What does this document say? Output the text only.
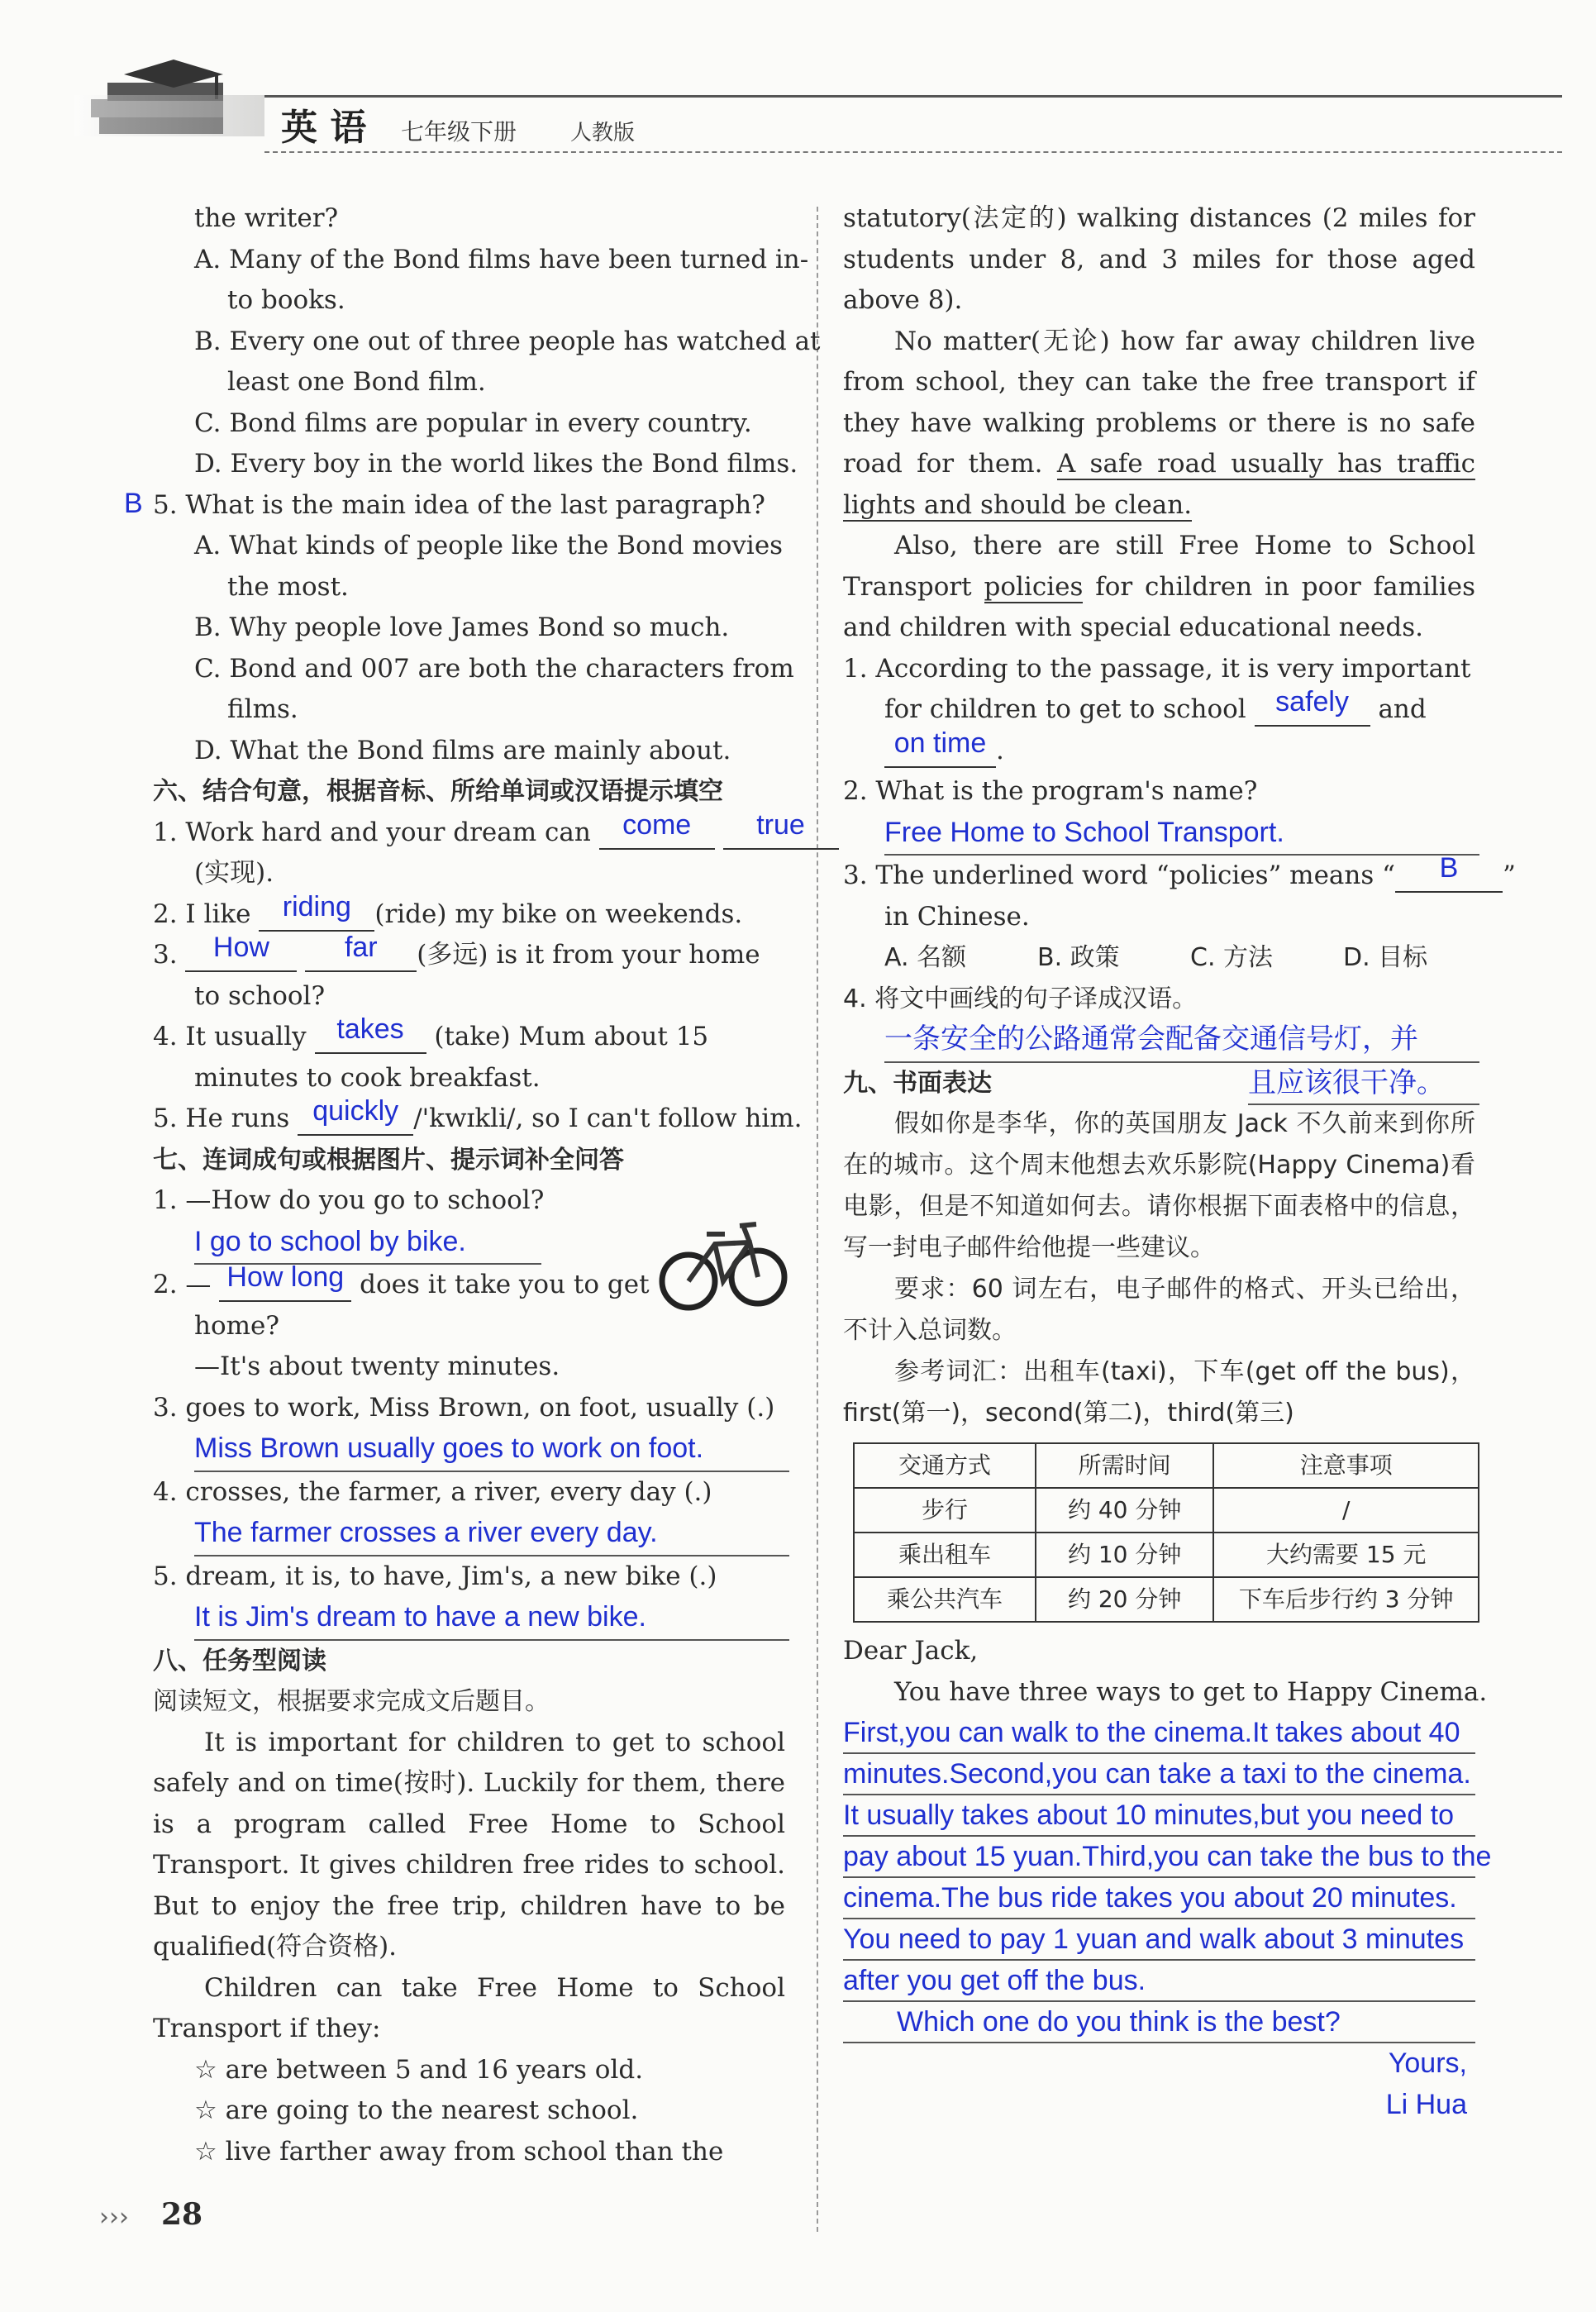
英 语 七年级下册 人教版

the writer?

A. Many of the Bond films have been turned in-

to books.

B. Every one out of three people has watched at

least one Bond film.

C. Bond films are popular in every country.

D. Every boy in the world likes the Bond films.

B 5. What is the main idea of the last paragraph?

A. What kinds of people like the Bond movies

the most.

B. Why people love James Bond so much.

C. Bond and 007 are both the characters from

films.

D. What the Bond films are mainly about.

六、结合句意，根据音标、所给单词或汉语提示填空

1. Work hard and your dream can come true

(实现).

2. I like riding (ride) my bike on weekends.

3. How	far (多远) is it from your home

to school?

4. It usually takes (take) Mum about 15

minutes to cook breakfast.

5. He runs quickly /'kwɪkli/, so I can't follow him.

七、连词成句或根据图片、提示词补全问答

1. —How do you go to school?

I go to school by bike.

2. — How long does it take you to get

home?

—It's about twenty minutes.

3. goes to work, Miss Brown, on foot, usually (.)

Miss Brown usually goes to work on foot.

4. crosses, the farmer, a river, every day (.)

The farmer crosses a river every day.

5. dream, it is, to have, Jim's, a new bike (.)

It is Jim's dream to have a new bike.

八、任务型阅读

阅读短文，根据要求完成文后题目。

It is important for children to get to school safely and on time(按时). Luckily for them, there is a program called Free Home to School Transport. It gives children free rides to school. But to enjoy the free trip, children have to be qualified(符合资格).

Children can take Free Home to School Transport if they:

☆ are between 5 and 16 years old.

☆ are going to the nearest school.

☆ live farther away from school than the

statutory(法定的) walking distances (2 miles for students under 8, and 3 miles for those aged above 8).

No matter(无论) how far away children live from school, they can take the free transport if they have walking problems or there is no safe road for them. A safe road usually has traffic lights and should be clean.

Also, there are still Free Home to School Transport policies for children in poor families and children with special educational needs.

1. According to the passage, it is very important

for children to get to school safely and

on time .

2. What is the program's name?

Free Home to School Transport.

3. The underlined word “policies” means “ B ”

in Chinese.

A. 名额	B. 政策	C. 方法	D. 目标

4. 将文中画线的句子译成汉语。

一条安全的公路通常会配备交通信号灯，并

九、书面表达	且应该很干净。

假如你是李华，你的英国朋友 Jack 不久前来到你所在的城市。这个周末他想去欢乐影院(Happy Cinema)看电影，但是不知道如何去。请你根据下面表格中的信息，写一封电子邮件给他提一些建议。

要求：60 词左右，电子邮件的格式、开头已给出，不计入总词数。

参考词汇：出租车(taxi)，下车(get off the bus)，first(第一)，second(第二)，third(第三)

交通方式	所需时间	注意事项
步行	约 40 分钟	/
乘出租车	约 10 分钟	大约需要 15 元
乘公共汽车	约 20 分钟	下车后步行约 3 分钟

Dear Jack,

You have three ways to get to Happy Cinema.

First,you can walk to the cinema.It takes about 40

minutes.Second,you can take a taxi to the cinema.

It usually takes about 10 minutes,but you need to

pay about 15 yuan.Third,you can take the bus to the

cinema.The bus ride takes you about 20 minutes.

You need to pay 1 yuan and walk about 3 minutes

after you get off the bus.

Which one do you think is the best?

Yours,

Li Hua

››› 28
